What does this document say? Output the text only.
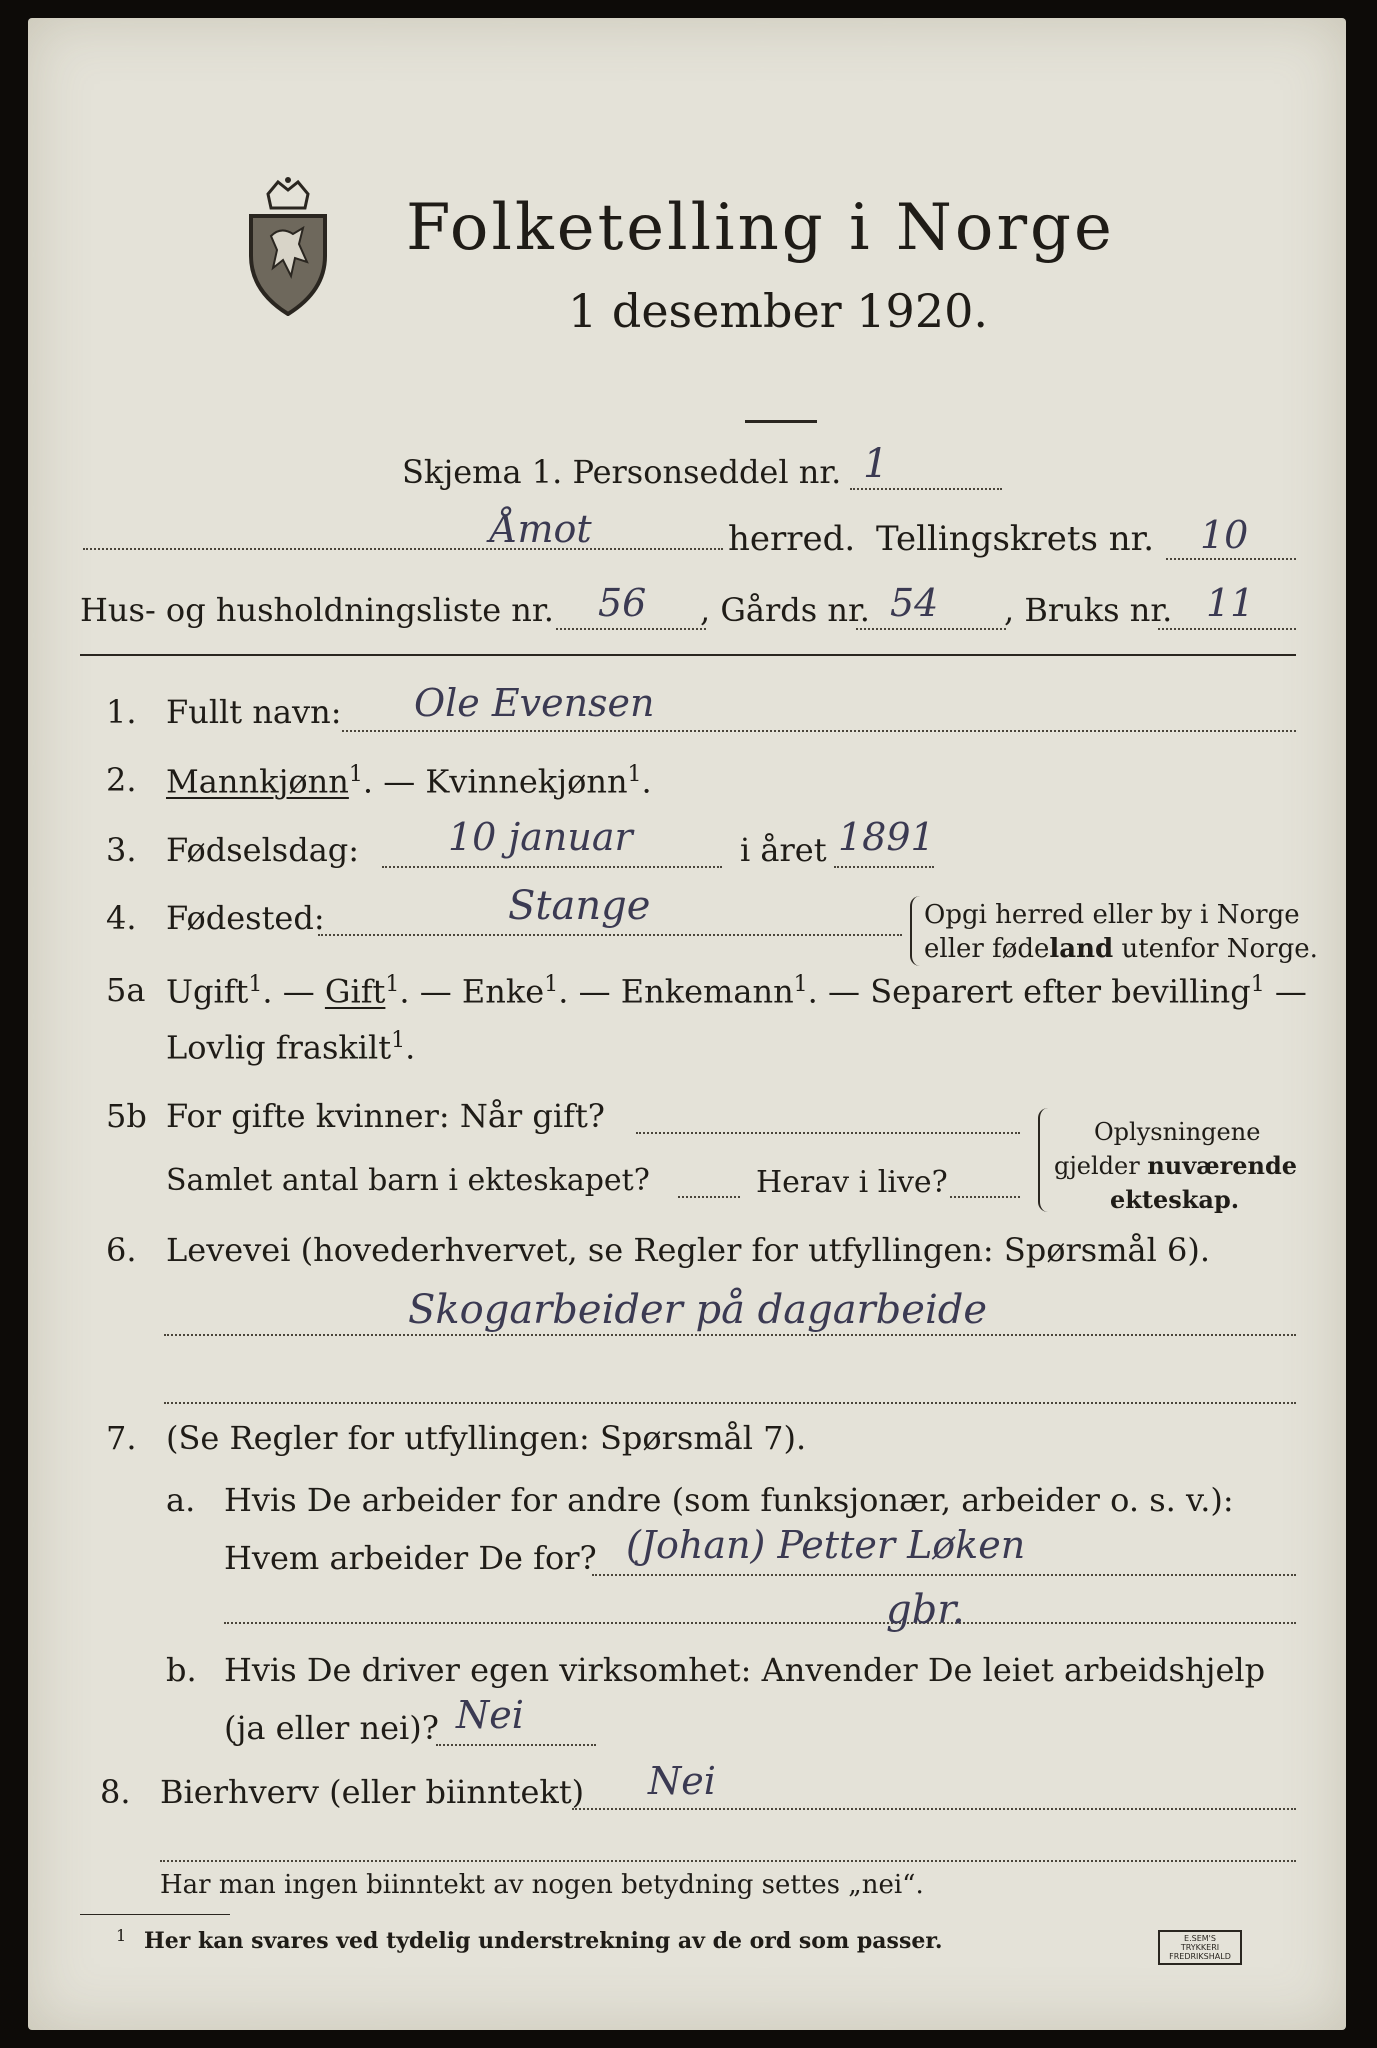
Folketelling i Norge
1 desember 1920.
Skjema 1. Personseddel nr. 1
Åmot	herred. Tellingskrets nr. 10
Hus- og husholdningsliste nr. 56 , Gårds nr. 54 , Bruks nr. 11
1. Fullt navn: Ole Evensen
2. Mannkjønn$^1$. — Kvinnekjønn$^1$.
3. Fødselsdag: 10 januar	i året 1891
4. Fødested:	Stange	Opgi herred eller by i Norge
eller fødeland utenfor Norge.
5a Ugift$^1$. — Gift$^1$. — Enke$^1$. — Enkemann$^1$. — Separert efter bevilling$^1$ —
Lovlig fraskilt$^1$.
5b For gifte kvinner: Når gift?
Samlet antal barn i ekteskapet?	Herav i live?
Oplysningene
gjelder nuværende
ekteskap.
6. Levevei (hovederhvervet, se Regler for utfyllingen: Spørsmål 6).
Skogarbeider på dagarbeide
7. (Se Regler for utfyllingen: Spørsmål 7).
a. Hvis De arbeider for andre (som funksjonær, arbeider o. s. v.):
Hvem arbeider De for? (Johan) Petter Løken
gbr.
b. Hvis De driver egen virksomhet: Anvender De leiet arbeidshjelp
(ja eller nei)? Nei
8. Bierhverv (eller biinntekt) Nei
Har man ingen biinntekt av nogen betydning settes „nei“.
1 Her kan svares ved tydelig understrekning av de ord som passer.	E.SEM'S TRYKKERI
FREDRIKSHALD
